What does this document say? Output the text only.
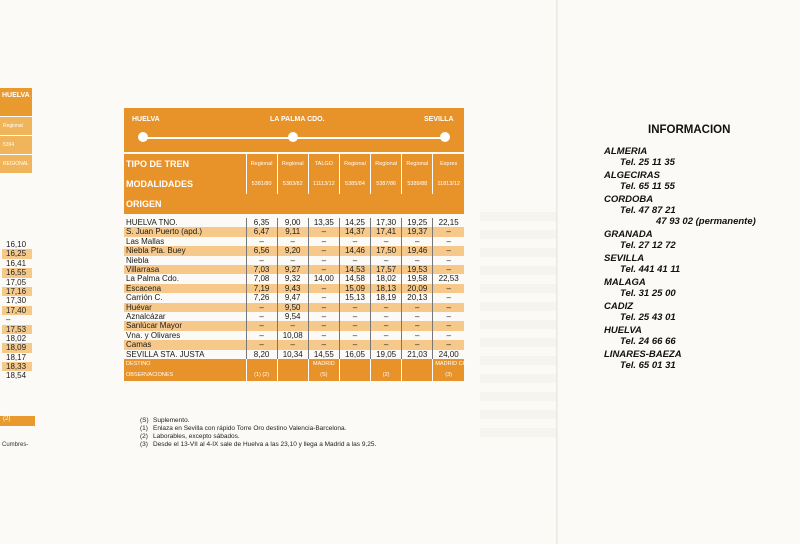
HUELVA
Regional
5394
REGIONAL
16,10
16,25
16,41
16,55
17,05
17,16
17,30
17,40
–
17,53
18,02
18,09
18,17
18,33
18,54
(2)
Cumbres-
HUELVA	LA PALMA CDO.	SEVILLA
TIPO DE TREN	Regional	Regional	TALGO	Regional	Regional	Regional	Expres
MODALIDADES	5381/80	5383/82	11113/12	5385/84	5387/86	5389/88	11813/12
ORIGEN							

HUELVA TNO.	6,35	9,00	13,35	14,25	17,30	19,25	22,15
S. Juan Puerto (apd.)	6,47	9,11	–	14,37	17,41	19,37	–
Las Mallas	–	–	–	–	–	–	–
Niebla Pta. Buey	6,56	9,20	–	14,46	17,50	19,46	–
Niebla	–	–	–	–	–	–	–
Villarrasa	7,03	9,27	–	14,53	17,57	19,53	–
La Palma Cdo.	7,08	9,32	14,00	14,58	18,02	19,58	22,53
Escacena	7,19	9,43	–	15,09	18,13	20,09	–
Carrión C.	7,26	9,47	–	15,13	18,19	20,13	–
Huévar	–	9,50	–	–	–	–	–
Aznalcázar	–	9,54	–	–	–	–	–
Sanlúcar Mayor	–	–	–	–	–	–	–
Vna. y Olivares	–	10,08	–	–	–	–	–
Camas	–	–	–	–	–	–	–
SEVILLA STA. JUSTA	8,20	10,34	14,55	16,05	19,05	21,03	24,00
DESTINO			MADRID				MADRID CH.
OBSERVACIONES	(1) (2)		(S)		(2)		(3)
(S) Suplemento.
(1) Enlaza en Sevilla con rápido Torre Oro destino Valencia-Barcelona.
(2) Laborables, excepto sábados.
(3) Desde el 13-VII al 4-IX sale de Huelva a las 23,10 y llega a Madrid a las 9,25.
INFORMACION
ALMERIA
Tel. 25 11 35
ALGECIRAS
Tel. 65 11 55
CORDOBA
Tel. 47 87 21
47 93 02 (permanente)
GRANADA
Tel. 27 12 72
SEVILLA
Tel. 441 41 11
MALAGA
Tel. 31 25 00
CADIZ
Tel. 25 43 01
HUELVA
Tel. 24 66 66
LINARES-BAEZA
Tel. 65 01 31
